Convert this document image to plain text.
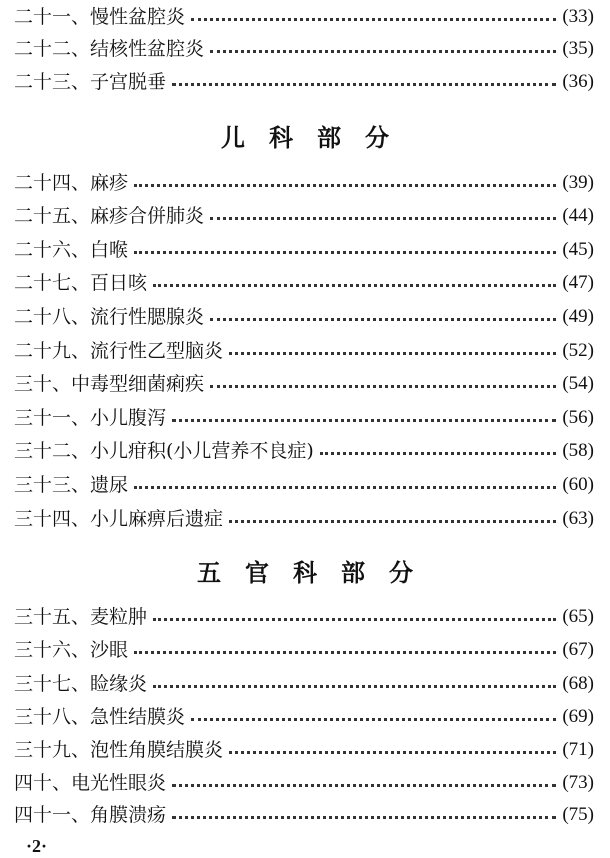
二十一、慢性盆腔炎	(33)
二十二、结核性盆腔炎	(35)
二十三、子宫脱垂	(36)
儿科部分
二十四、麻疹	(39)
二十五、麻疹合併肺炎	(44)
二十六、白喉	(45)
二十七、百日咳	(47)
二十八、流行性腮腺炎	(49)
二十九、流行性乙型脑炎	(52)
三十、中毒型细菌痢疾	(54)
三十一、小儿腹泻	(56)
三十二、小儿疳积(小儿营养不良症)	(58)
三十三、遗尿	(60)
三十四、小儿麻痹后遗症	(63)
五官科部分
三十五、麦粒肿	(65)
三十六、沙眼	(67)
三十七、睑缘炎	(68)
三十八、急性结膜炎	(69)
三十九、泡性角膜结膜炎	(71)
四十、电光性眼炎	(73)
四十一、角膜溃疡	(75)
·2·
